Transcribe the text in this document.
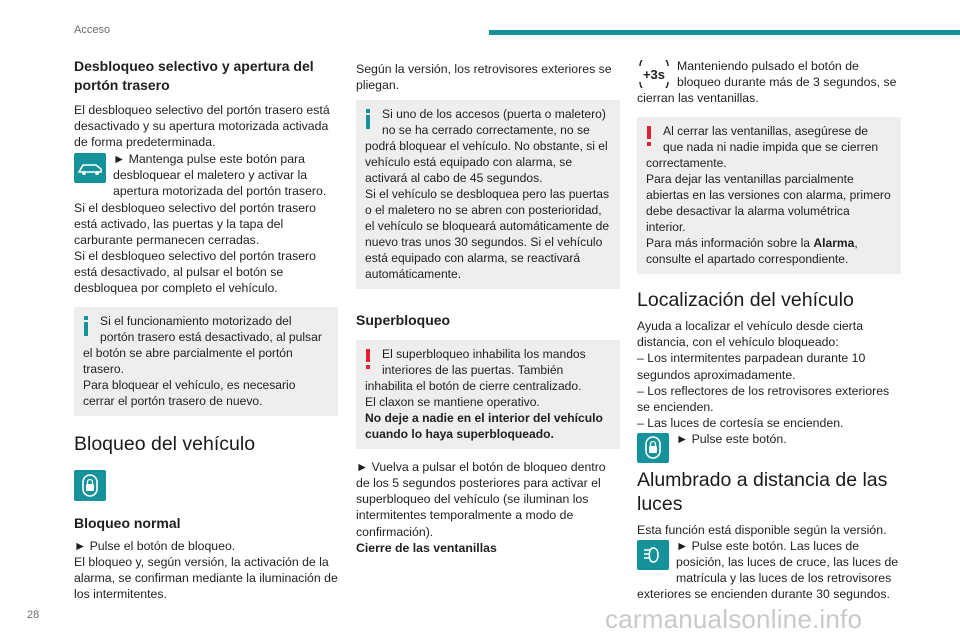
Acceso
Desbloqueo selectivo y apertura del portón trasero

El desbloqueo selectivo del portón trasero está desactivado y su apertura motorizada activada de forma predeterminada.

► Mantenga pulse este botón para desbloquear el maletero y activar la apertura motorizada del portón trasero.

Si el desbloqueo selectivo del portón trasero está activado, las puertas y la tapa del carburante permanecen cerradas.

Si el desbloqueo selectivo del portón trasero está desactivado, al pulsar el botón se desbloquea por completo el vehículo.

Si el funcionamiento motorizado del portón trasero está desactivado, al pulsar el botón se abre parcialmente el portón trasero.

Para bloquear el vehículo, es necesario cerrar el portón trasero de nuevo.

Bloqueo del vehículo
Bloqueo normal

► Pulse el botón de bloqueo.

El bloqueo y, según versión, la activación de la alarma, se confirman mediante la iluminación de los intermitentes.

Según la versión, los retrovisores exteriores se pliegan.

Si uno de los accesos (puerta o maletero) no se ha cerrado correctamente, no se podrá bloquear el vehículo. No obstante, si el vehículo está equipado con alarma, se activará al cabo de 45 segundos.

Si el vehículo se desbloquea pero las puertas o el maletero no se abren con posterioridad, el vehículo se bloqueará automáticamente de nuevo tras unos 30 segundos. Si el vehículo está equipado con alarma, se reactivará automáticamente.

Superbloqueo

El superbloqueo inhabilita los mandos interiores de las puertas. También inhabilita el botón de cierre centralizado.

El claxon se mantiene operativo.

No deje a nadie en el interior del vehículo cuando lo haya superbloqueado.

► Vuelva a pulsar el botón de bloqueo dentro de los 5 segundos posteriores para activar el superbloqueo del vehículo (se iluminan los intermitentes temporalmente a modo de confirmación).

Cierre de las ventanillas

+3s

Manteniendo pulsado el botón de bloqueo durante más de 3 segundos, se cierran las ventanillas.

Al cerrar las ventanillas, asegúrese de que nada ni nadie impida que se cierren correctamente.

Para dejar las ventanillas parcialmente abiertas en las versiones con alarma, primero debe desactivar la alarma volumétrica interior.

Para más información sobre la Alarma, consulte el apartado correspondiente.

Localización del vehículo

Ayuda a localizar el vehículo desde cierta distancia, con el vehículo bloqueado:

– Los intermitentes parpadean durante 10 segundos aproximadamente.

– Los reflectores de los retrovisores exteriores se encienden.

– Las luces de cortesía se encienden.

► Pulse este botón.

Alumbrado a distancia de las luces

Esta función está disponible según la versión.

► Pulse este botón. Las luces de posición, las luces de cruce, las luces de matrícula y las luces de los retrovisores exteriores se encienden durante 30 segundos.

28	carmanualsonline.info
